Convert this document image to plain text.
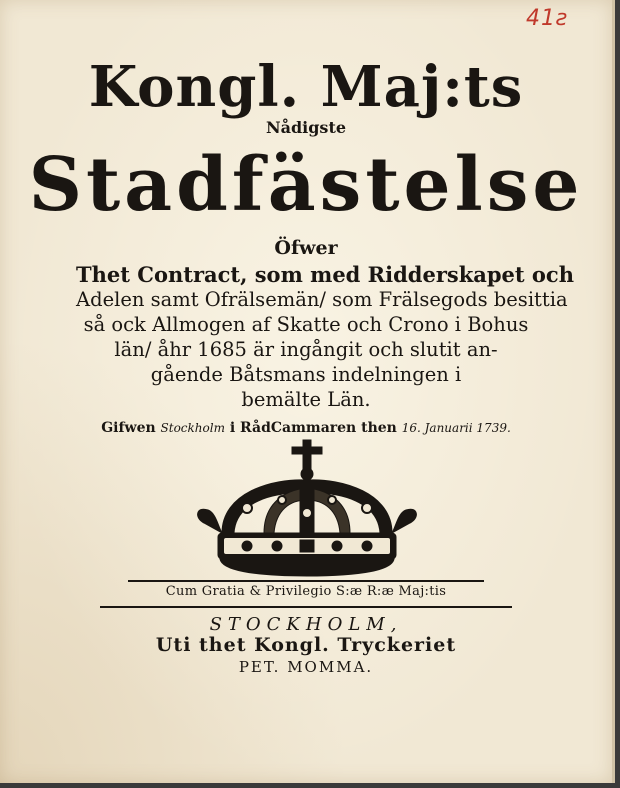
41ƨ
Kongl. Maj:ts
Nådigste
Stadfästelse
Öfwer
Thet Contract, som med Ridderskapet och
Adelen samt Ofrälsemän/ som Frälsegods besittia
så ock Allmogen af Skatte och Crono i Bohus
län/ åhr 1685 är ingångit och slutit an-
gående Båtsmans indelningen i
bemälte Län.
Gifwen Stockholm i RådCammaren then 16. Januarii 1739.
Cum Gratia & Privilegio S:æ R:æ Maj:tis
STOCKHOLM,
Uti thet Kongl. Tryckeriet
PET. MOMMA.
